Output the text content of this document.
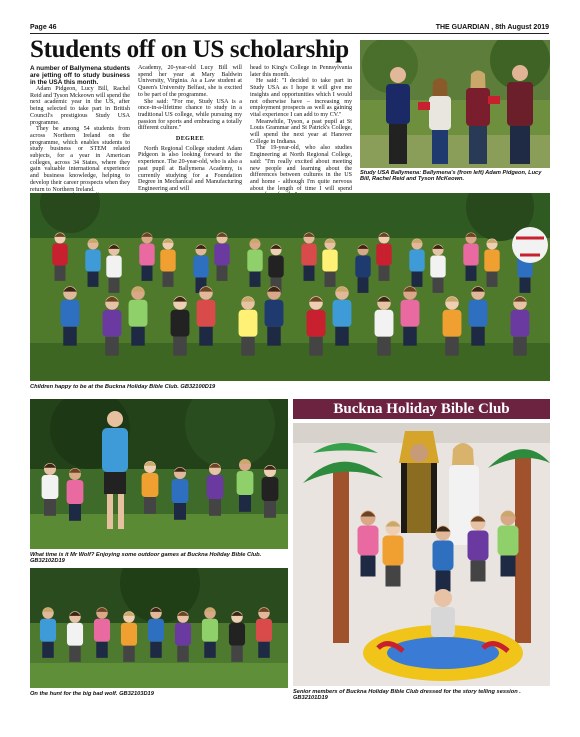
Page 46	THE GUARDIAN , 8th August 2019
Students off on US scholarship

A number of Ballymena students are jetting off to study business in the USA this month.

Adam Pidgeon, Lucy Bill, Rachel Reid and Tyson Mckeown will spend the next academic year in the US, after being selected to take part in British Council's prestigious Study USA programme.

They be among 54 students from across Northern Ireland on the programme, which enables students to study business or STEM related subjects, for a year in American colleges, across 34 States, where they gain valuable international experience and business knowledge, helping to develop their career prospects when they return to Northern Ireland.

Academy, 20-year-old Lucy Bill will spend her year at Mary Baldwin University, Virginia. As a Law student at Queen's University Belfast, she is excited to be part of the programme.

She said: "For me, Study USA is a once-in-a-lifetime chance to study in a traditional US college, while pursuing my passion for sports and embracing a totally different culture."

DEGREE

North Regional College student Adam Pidgeon is also looking forward to the experience. The 20-year-old, who is also a past pupil at Ballymena Academy, is currently studying for a Foundation Degree in Mechanical and Manufacturing Engineering and will

head to King's College in Pennsylvania later this month.

He said: "I decided to take part in Study USA as I hope it will give me insights and opportunities which I would not otherwise have – increasing my employment prospects as well as gaining vital experience I can add to my CV."

Meanwhile, Tyson, a past pupil at St Louis Grammar and St Patrick's College, will spend the next year at Hanover College in Indiana.

The 19-year-old, who also studies Engineering at North Regional College, said: "I'm really excited about meeting new people and learning about the differences between cultures in the US and home - although I'm quite nervous about the length of time I will spend

Study USA Ballymena: Ballymena's (from left) Adam Pidgeon, Lucy Bill, Rachel Reid and Tyson McKeown.
Children happy to be at the Buckna Holiday Bible Club. GB32100D19
What time is it Mr Wolf? Enjoying some outdoor games at Buckna Holiday Bible Club. GB32102D19
On the hunt for the big bad wolf. GB32103D19
Buckna Holiday Bible Club
Senior members of Buckna Holiday Bible Club dressed for the story telling session . GB32101D19
